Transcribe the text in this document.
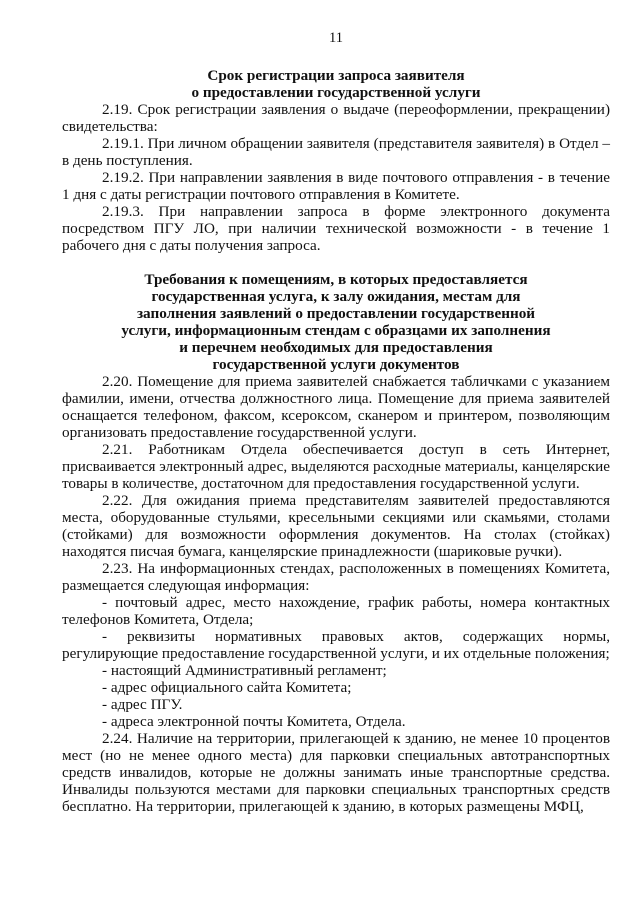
11
Срок регистрации запроса заявителя
о предоставлении государственной услуги

2.19. Срок регистрации заявления о выдаче (переоформлении, прекращении) свидетельства:

2.19.1. При личном обращении заявителя (представителя заявителя) в Отдел – в день поступления.

2.19.2. При направлении заявления в виде почтового отправления - в течение 1 дня с даты регистрации почтового отправления в Комитете.

2.19.3. При направлении запроса в форме электронного документа посредством ПГУ ЛО, при наличии технической возможности - в течение 1 рабочего дня с даты получения запроса.

Требования к помещениям, в которых предоставляется
государственная услуга, к залу ожидания, местам для
заполнения заявлений о предоставлении государственной
услуги, информационным стендам с образцами их заполнения
и перечнем необходимых для предоставления
государственной услуги документов

2.20. Помещение для приема заявителей снабжается табличками с указанием фамилии, имени, отчества должностного лица. Помещение для приема заявителей оснащается телефоном, факсом, ксероксом, сканером и принтером, позволяющим организовать предоставление государственной услуги.

2.21. Работникам Отдела обеспечивается доступ в сеть Интернет, присваивается электронный адрес, выделяются расходные материалы, канцелярские товары в количестве, достаточном для предоставления государственной услуги.

2.22. Для ожидания приема представителям заявителей предоставляются места, оборудованные стульями, кресельными секциями или скамьями, столами (стойками) для возможности оформления документов. На столах (стойках) находятся писчая бумага, канцелярские принадлежности (шариковые ручки).

2.23. На информационных стендах, расположенных в помещениях Комитета, размещается следующая информация:

- почтовый адрес, место нахождение, график работы, номера контактных телефонов Комитета, Отдела;

- реквизиты нормативных правовых актов, содержащих нормы, регулирующие предоставление государственной услуги, и их отдельные положения;

- настоящий Административный регламент;

- адрес официального сайта Комитета;

- адрес ПГУ.

- адреса электронной почты Комитета, Отдела.

2.24. Наличие на территории, прилегающей к зданию, не менее 10 процентов мест (но не менее одного места) для парковки специальных автотранспортных средств инвалидов, которые не должны занимать иные транспортные средства. Инвалиды пользуются местами для парковки специальных транспортных средств бесплатно. На территории, прилегающей к зданию, в которых размещены МФЦ,
